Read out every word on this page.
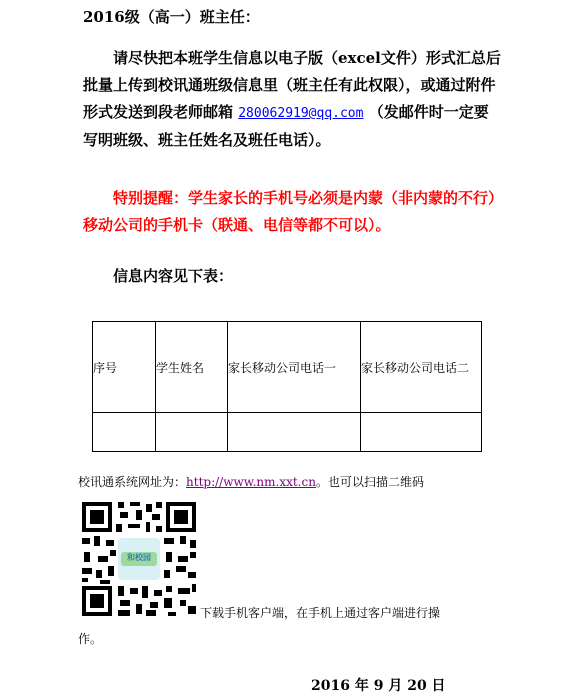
2016级（高一）班主任：
请尽快把本班学生信息以电子版（excel文件）形式汇总后批量上传到校讯通班级信息里（班主任有此权限），或通过附件形式发送到段老师邮箱 280062919@qq.com （发邮件时一定要写明班级、班主任姓名及班任电话）。
特别提醒：学生家长的手机号必须是内蒙（非内蒙的不行）移动公司的手机卡（联通、电信等都不可以）。
信息内容见下表：
序号	学生姓名	家长移动公司电话一	家长移动公司电话二

校讯通系统网址为：http://www.nm.xxt.cn。也可以扫描二维码
和校园
下载手机客户端，在手机上通过客户端进行操
作。
2016 年 9 月 20 日
